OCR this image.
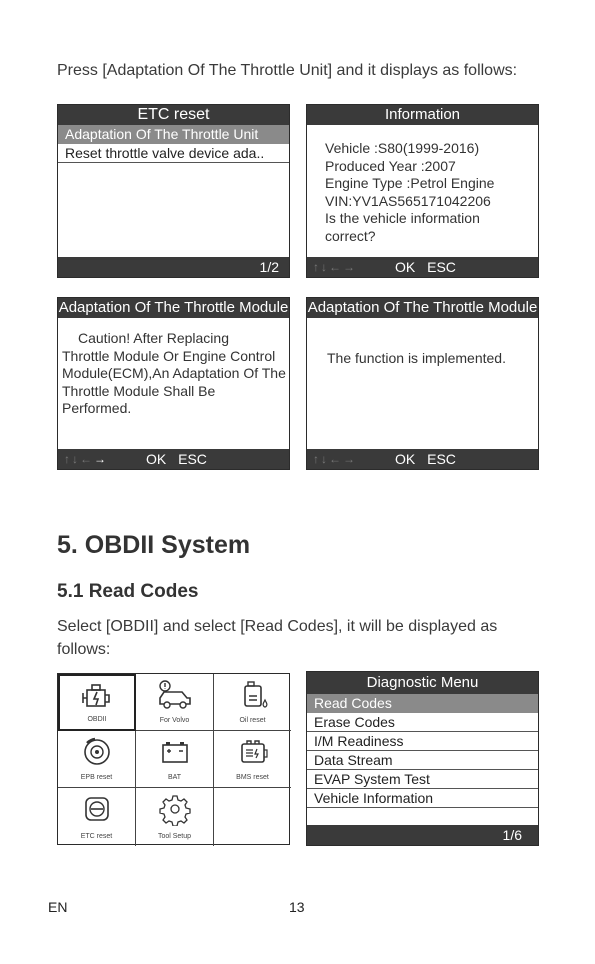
Press [Adaptation Of The Throttle Unit] and it displays as follows:
ETC reset
Adaptation Of The Throttle Unit
Reset throttle valve device ada..
1/2
Information
Vehicle :S80(1999-2016)
Produced Year :2007
Engine Type :Petrol Engine
VIN:YV1AS565171042206
Is the vehicle information
correct?
↑↓←→	OK ESC
Adaptation Of The Throttle Module
Caution! After Replacing
Throttle Module Or Engine Control Module(ECM),An Adaptation Of The Throttle Module Shall Be Performed.
↑↓←→	OK ESC
Adaptation Of The Throttle Module
The function is implemented.
↑↓←→	OK ESC
5. OBDII System
5.1 Read Codes
Select [OBDII] and select [Read Codes], it will be displayed as follows:
OBDII	For Volvo	Oil reset
EPB reset	BAT	BMS reset
ETC reset	Tool Setup
Diagnostic Menu
Read Codes
Erase Codes
I/M Readiness
Data Stream
EVAP System Test
Vehicle Information
1/6
EN	13
